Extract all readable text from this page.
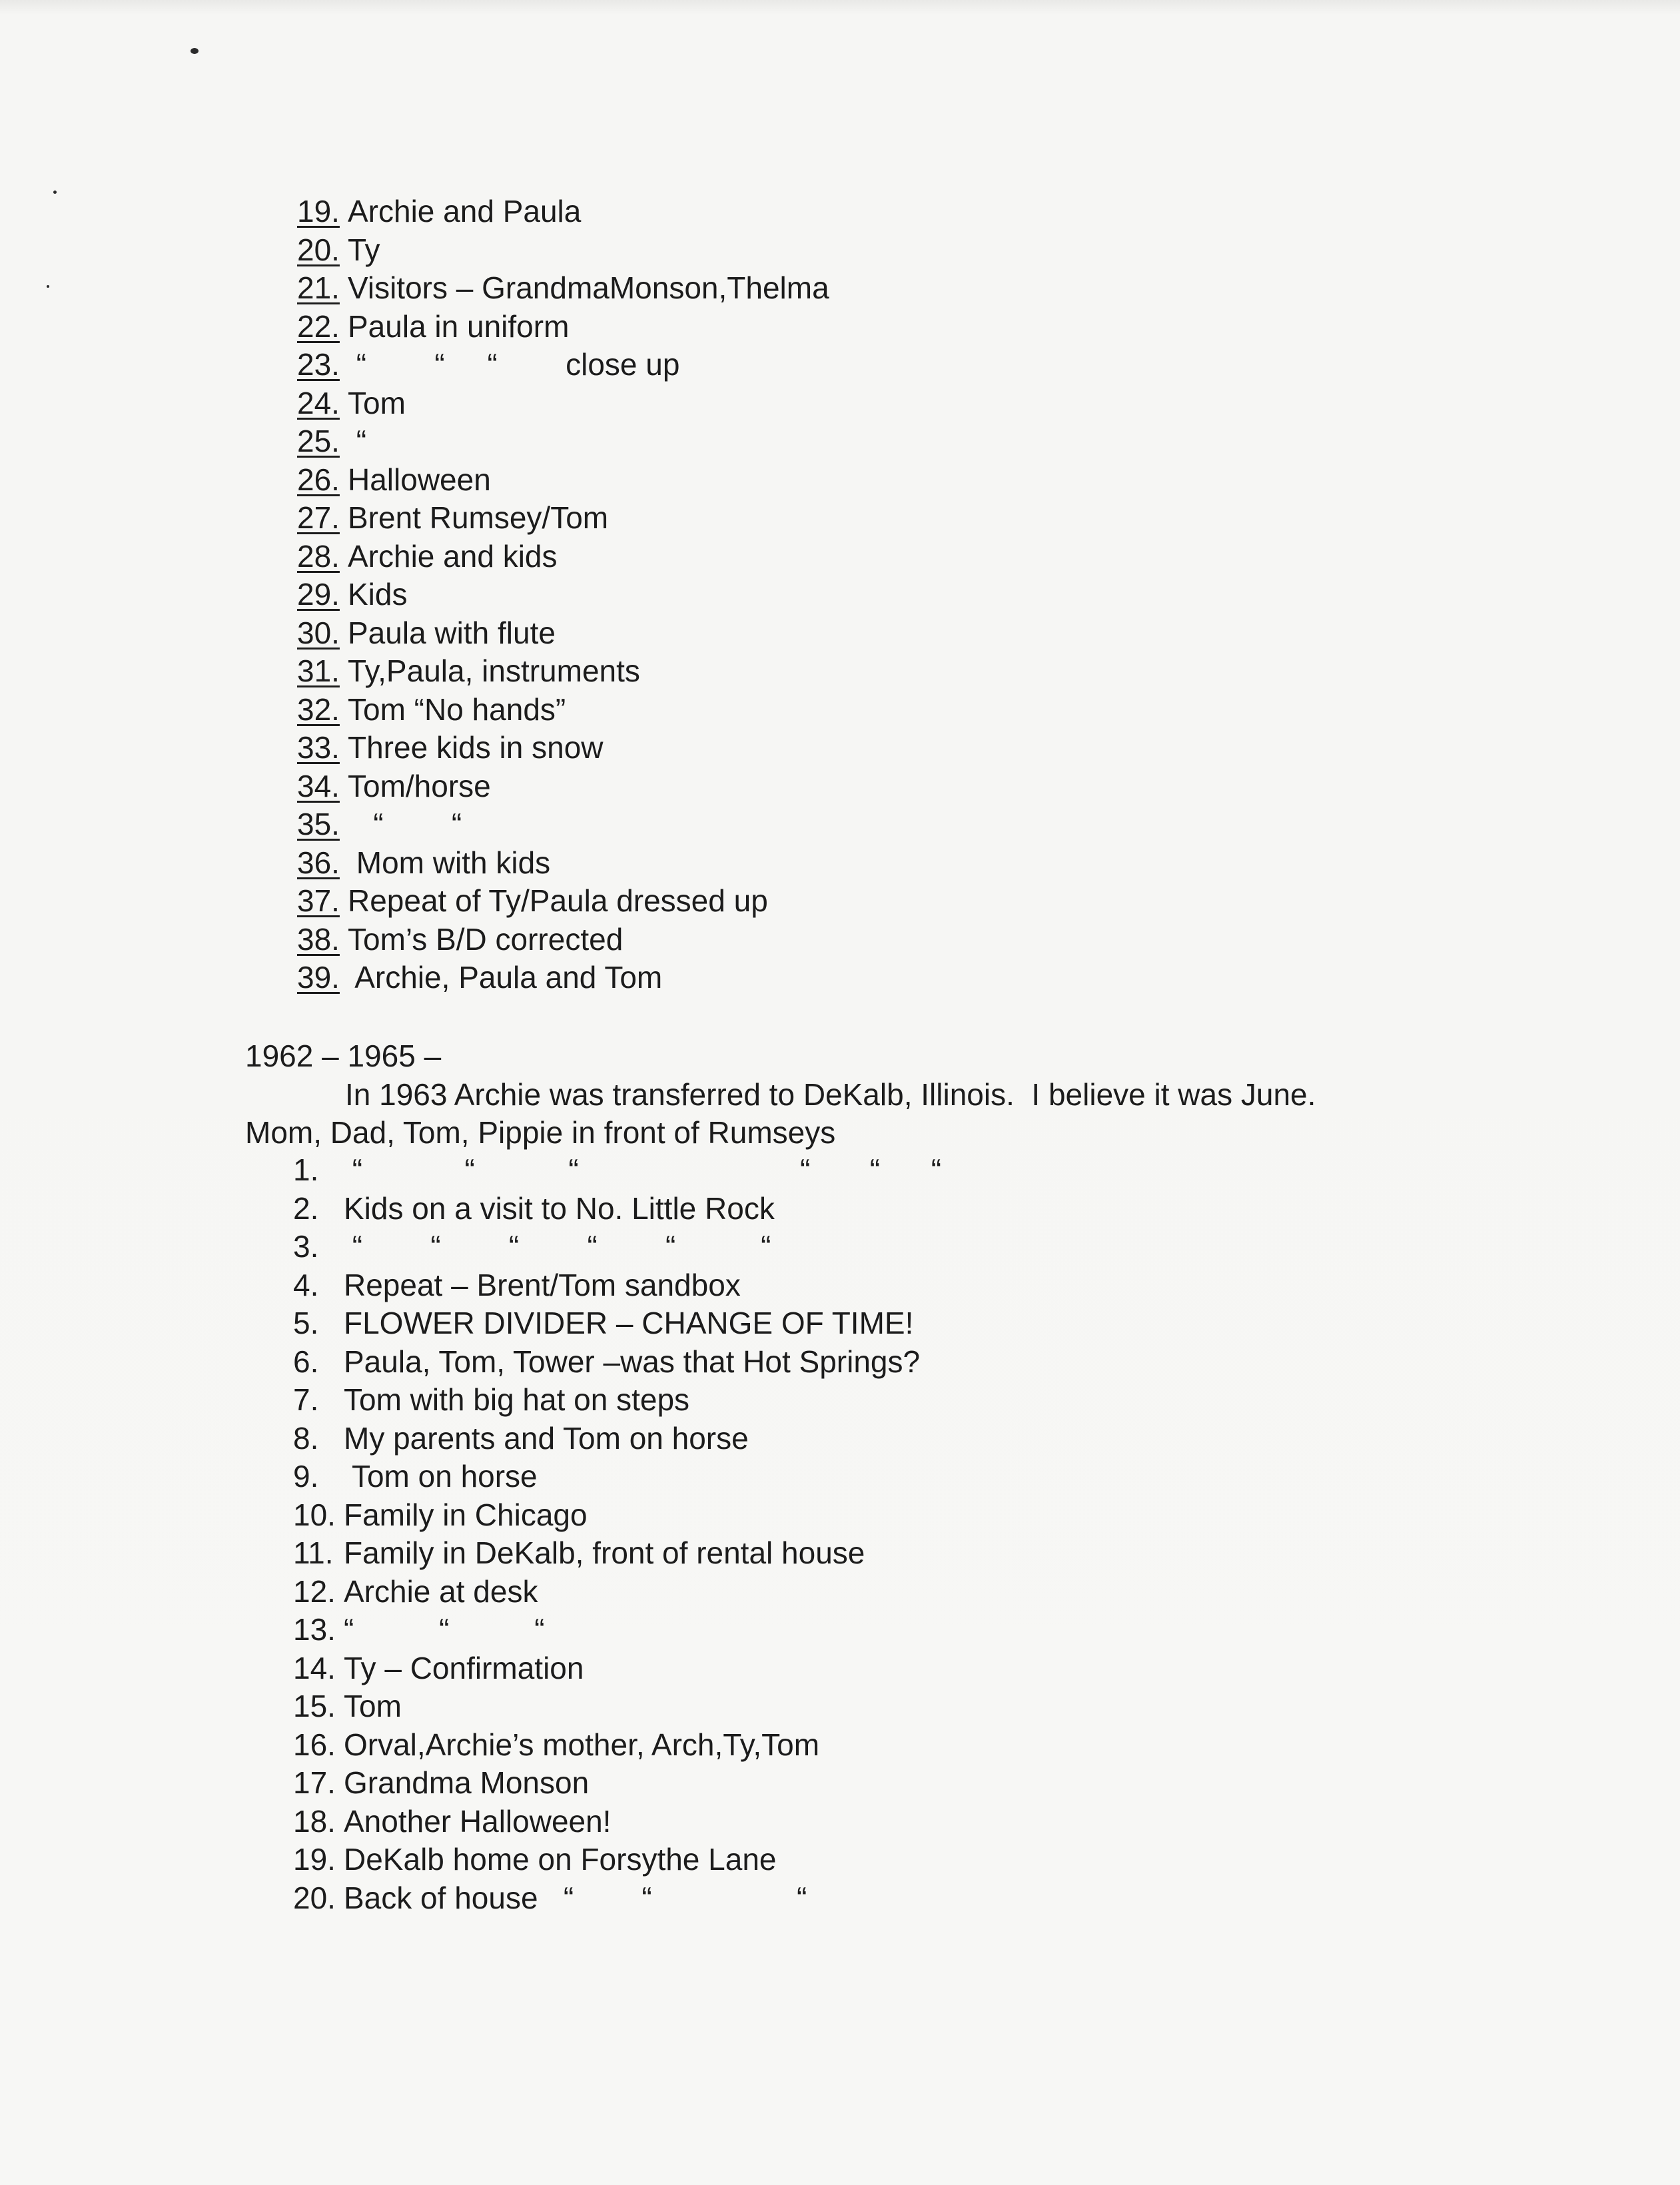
19. Archie and Paula
20. Ty
21. Visitors – GrandmaMonson,Thelma
22. Paula in uniform
23. “        “     “        close up
24. Tom
25. “
26. Halloween
27. Brent Rumsey/Tom
28. Archie and kids
29. Kids
30. Paula with flute
31. Ty,Paula, instruments
32. Tom “No hands”
33. Three kids in snow
34. Tom/horse
35. “        “
36. Mom with kids
37. Repeat of Ty/Paula dressed up
38. Tom’s B/D corrected
39. Archie, Paula and Tom
1962 – 1965 –
In 1963 Archie was transferred to DeKalb, Illinois.  I believe it was June.
Mom, Dad, Tom, Pippie in front of Rumseys
1. “            “           “                          “       “      “
2. Kids on a visit to No. Little Rock
3. “        “        “        “        “          “
4. Repeat – Brent/Tom sandbox
5. FLOWER DIVIDER – CHANGE OF TIME!
6. Paula, Tom, Tower –was that Hot Springs?
7. Tom with big hat on steps
8. My parents and Tom on horse
9. Tom on horse
10. Family in Chicago
11. Family in DeKalb, front of rental house
12. Archie at desk
13. “          “          “
14. Ty – Confirmation
15. Tom
16. Orval,Archie’s mother, Arch,Ty,Tom
17. Grandma Monson
18. Another Halloween!
19. DeKalb home on Forsythe Lane
20. Back of house   “        “                 “
